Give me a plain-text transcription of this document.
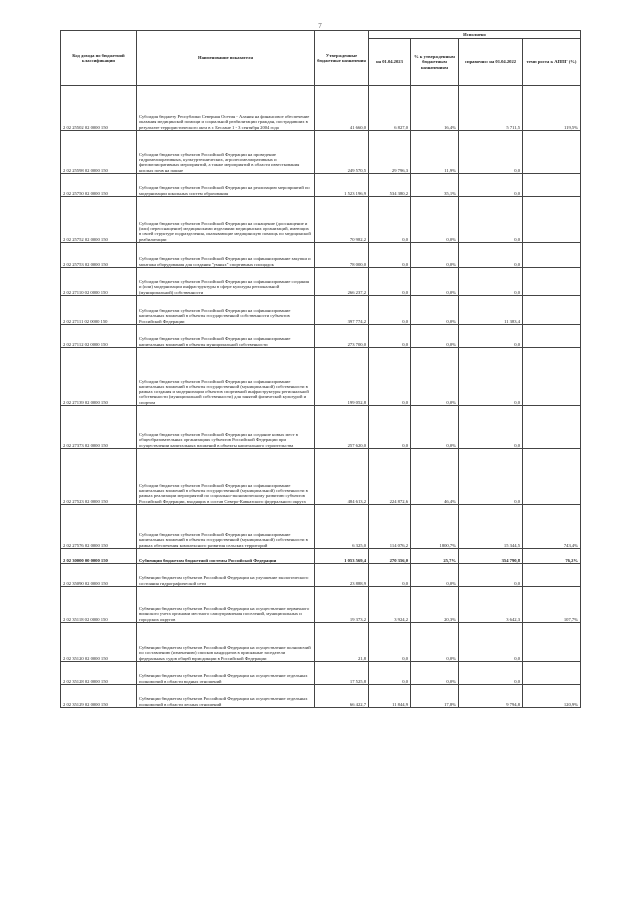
7
Код дохода по бюджетной классификации	Наименование показателя	Утвержденные бюджетные назначения	Исполнено			
			на 01.04.2023	% к утвержденным бюджетным назначениям	справочно: на 01.04.2022	темп роста к АППГ (%)
2 02 25502 02 0000 150	Субсидия бюджету Республики Северная Осетия - Алания на финансовое обеспечение оказания медицинской помощи и социальной реабилитации граждан, пострадавших в результате террористического акта в г. Беслане 1 - 3 сентября 2004 года	41 660,0	6 827,0	16,4%	5 711,5	119,5%
2 02 25598 02 0000 150	Субсидии бюджетам субъектов Российской Федерации на проведение гидромелиоративных, культуртехнических, агролесомелиоративных и фитомелиоративных мероприятий, а также мероприятий в области известкования кислых почв на пашне	249 570,5	29 796,3	11,9%	0,0	
2 02 25750 02 0000 150	Субсидии бюджетам субъектов Российской Федерации на реализацию мероприятий по модернизации школьных систем образования	1 523 196,9	534 380,2	35,1%	0,0	
2 02 25752 02 0000 150	Субсидии бюджетам субъектов Российской Федерации на оснащение (дооснащение и (или) переоснащение) медицинскими изделиями медицинских организаций, имеющих в своей структуре подразделения, оказывающие медицинскую помощь по медицинской реабилитации	70 982,2	0,0	0,0%	0,0	
2 02 25753 02 0000 150	Субсидии бюджетам субъектов Российской Федерации на софинансирование закупки и монтажа оборудования для создания "умных" спортивных площадок	78 000,0	0,0	0,0%	0,0	
2 02 27110 02 0000 150	Субсидии бюджетам субъектов Российской Федерации на софинансирование создания и (или) модернизации инфраструктуры в сфере культуры региональной (муниципальной) собственности	266 237,2	0,0	0,0%	0,0	
2 02 27111 02 0000 150	Субсидии бюджетам субъектов Российской Федерации на софинансирование капитальных вложений в объекты государственной собственности субъектов Российской Федерации	397 774,2	0,0	0,0%	11 383,4	
2 02 27112 02 0000 150	Субсидии бюджетам субъектов Российской Федерации на софинансирование капитальных вложений в объекты муниципальной собственности	273 700,0	0,0	0,0%	0,0	
2 02 27139 02 0000 150	Субсидии бюджетам субъектов Российской Федерации на софинансирование капитальных вложений в объекты государственной (муниципальной) собственности в рамках создания и модернизации объектов спортивной инфраструктуры региональной собственности (муниципальной собственности) для занятий физической культурой и спортом	199 052,8	0,0	0,0%	0,0	
2 02 27373 02 0000 150	Субсидии бюджетам субъектов Российской Федерации на создание новых мест в общеобразовательных организациях субъектов Российской Федерации при осуществлении капитальных вложений в объекты капитального строительства	257 620,0	0,0	0,0%	0,0	
2 02 27523 02 0000 150	Субсидии бюджетам субъектов Российской Федерации на софинансирование капитальных вложений в объекты государственной (муниципальной) собственности в рамках реализации мероприятий по социально-экономическому развитию субъектов Российской Федерации, входящих в состав Северо-Кавказского федерального округа	484 613,2	224 872,6	46,4%	0,0	
2 02 27576 02 0000 150	Субсидии бюджетам субъектов Российской Федерации на софинансирование капитальных вложений в объекты государственной (муниципальной) собственности в рамках обеспечения комплексного развития сельских территорий	6 325,0	114 076,2	1800,7%	15 344,5	743,4%
2 02 30000 00 0000 150	Субвенции бюджетам бюджетной системы Российской Федерации	1 053 569,4	270 356,0	25,7%	354 790,8	76,2%
2 02 35090 02 0000 150	Субвенции бюджетам субъектов Российской Федерации на улучшение экологического состояния гидрографической сети	23 888,9	0,0	0,0%	0,0	
2 02 35118 02 0000 150	Субвенции бюджетам субъектов Российской Федерации на осуществление первичного воинского учета органами местного самоуправления поселений, муниципальных и городских округов	19 373,2	3 924,2	20,3%	3 642,3	107,7%
2 02 35120 02 0000 150	Субвенции бюджетам субъектов Российской Федерации на осуществление полномочий по составлению (изменению) списков кандидатов в присяжные заседатели федеральных судов общей юрисдикции в Российской Федерации	21,8	0,0	0,0%	0,0	
2 02 35128 02 0000 150	Субвенции бюджетам субъектов Российской Федерации на осуществление отдельных полномочий в области водных отношений	17 525,8	0,0	0,0%	0,0	
2 02 35129 02 0000 150	Субвенции бюджетам субъектов Российской Федерации на осуществление отдельных полномочий в области лесных отношений	66 422,7	11 844,9	17,8%	9 794,8	120,9%
